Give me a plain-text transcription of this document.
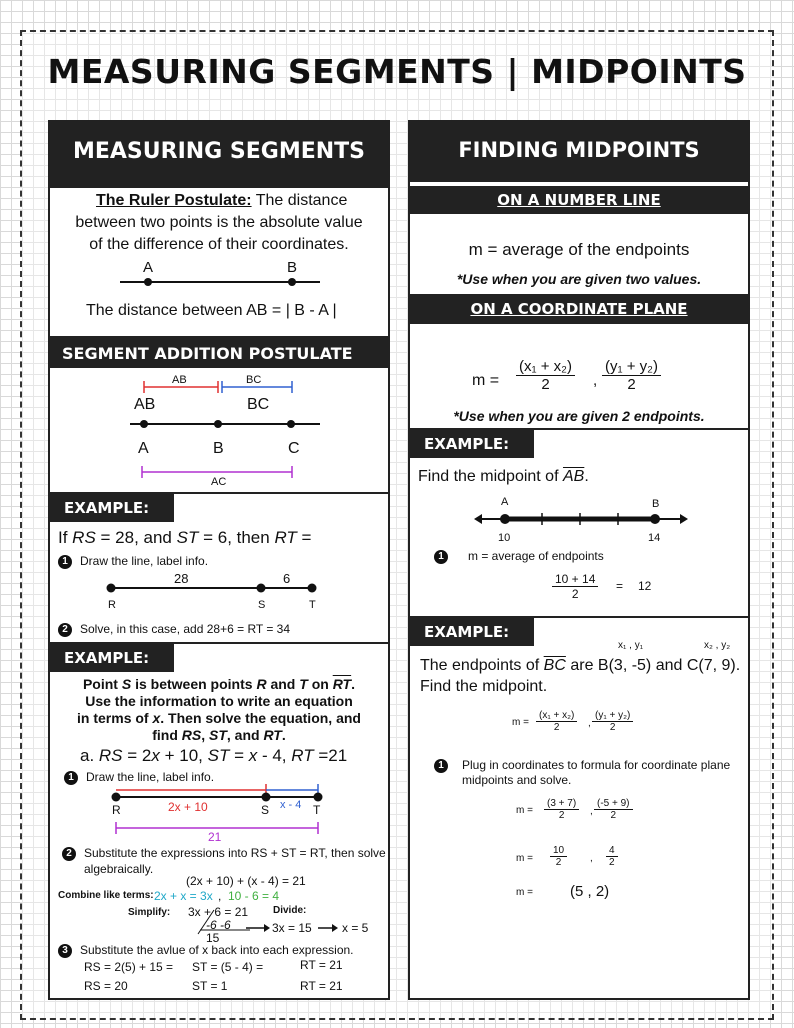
MEASURING SEGMENTS | MIDPOINTS
MEASURING SEGMENTS
The Ruler Postulate: The distance
between two points is the absolute value
of the difference of their coordinates.
A	B
The distance between AB = | B - A |
SEGMENT ADDITION POSTULATE
AB	BC
AB	BC
A	B	C
AC
EXAMPLE:
If RS = 28, and ST = 6, then RT =
1 Draw the line, label info.
28	6
R	S	T
2 Solve, in this case, add 28+6 = RT = 34
EXAMPLE:
Point S is between points R and T on $\overline{RT}$.
Use the information to write an equation
in terms of x. Then solve the equation, and
find RS, ST, and RT.
a. RS = 2x + 10, ST = x - 4, RT =21
1 Draw the line, label info.
R	S	T
2x + 10	x - 4
21
2 Substitute the expressions into RS + ST = RT, then solve
algebraically.
(2x + 10) + (x - 4) = 21
Combine like terms: 2x + x = 3x , 10 - 6 = 4
Simplify: 3x + 6 = 21 Divide:
-6 -6
15
3x = 15	x = 5
3 Substitute the avlue of x back into each expression.
RS = 2(5) + 15 = ST = (5 - 4) =	RT = 21
RS = 20	ST = 1	RT = 21
FINDING MIDPOINTS
ON A NUMBER LINE
m = average of the endpoints
*Use when you are given two values.
ON A COORDINATE PLANE
$m = \frac{\text{(x₁ + x₂)}}{2}$ , $\frac{\text{(y₁ + y₂)}}{2}$
*Use when you are given 2 endpoints.
EXAMPLE:
Find the midpoint of $\overline{AB}$.
A	B
10	14
1 m = average of endpoints
$\frac{10 + 14}{2} = 12$
EXAMPLE:
x₁ , y₁	x₂ , y₂
The endpoints of $\overline{BC}$ are B(3, -5) and C(7, 9).
Find the midpoint.
$m = \frac{\text{(x₁ + x₂)}}{2}$ , $\frac{\text{(y₁ + y₂)}}{2}$
1 Plug in coordinates to formula for coordinate plane
midpoints and solve.
$m = \frac{(3 + 7)}{2}$ , $\frac{(-5 + 9)}{2}$
$m = \frac{10}{2}$ , $\frac{4}{2}$
m = (5 , 2)
